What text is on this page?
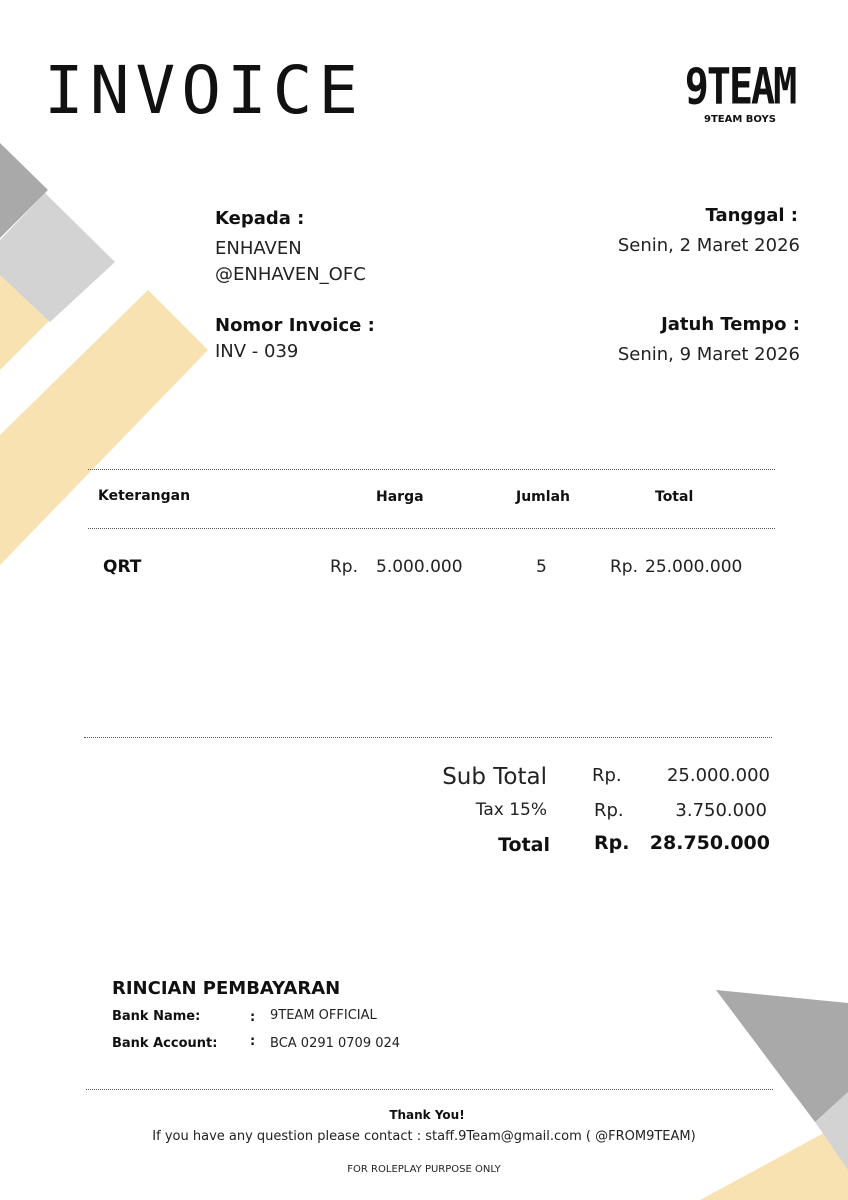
INVOICE	9TEAM
9TEAM BOYS
Kepada :
ENHAVEN
@ENHAVEN_OFC
Nomor Invoice :
INV - 039
Tanggal :
Senin, 2 Maret 2026
Jatuh Tempo :
Senin, 9 Maret 2026
Keterangan	Harga	Jumlah	Total
QRT	Rp. 5.000.000	5	Rp. 25.000.000
Sub Total	Rp.	25.000.000
Tax 15%	Rp.	3.750.000
Total Rp. 28.750.000
RINCIAN PEMBAYARAN
Bank Name:	: 9TEAM OFFICIAL
Bank Account:	: BCA 0291 0709 024
Thank You!
If you have any question please contact : staff.9Team@gmail.com ( @FROM9TEAM)
FOR ROLEPLAY PURPOSE ONLY
